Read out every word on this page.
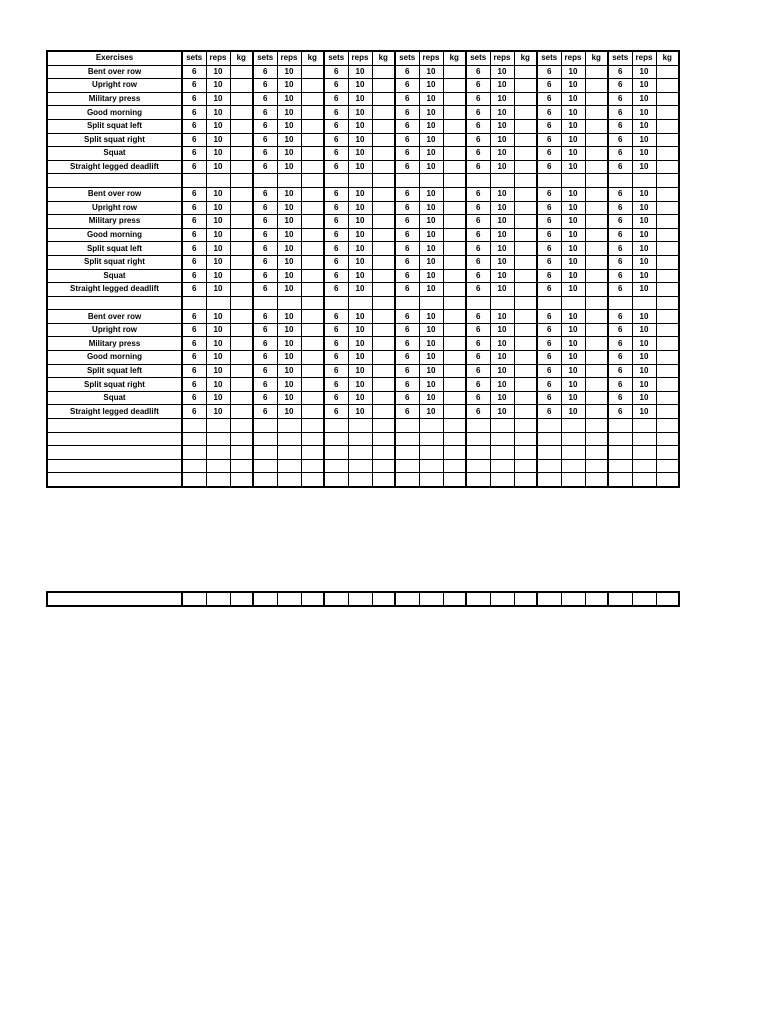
Exercises	sets	reps	kg	sets	reps	kg	sets	reps	kg	sets	reps	kg	sets	reps	kg	sets	reps	kg	sets	reps	kg
Bent over row	6	10		6	10		6	10		6	10		6	10		6	10		6	10	
Upright row	6	10		6	10		6	10		6	10		6	10		6	10		6	10	
Military press	6	10		6	10		6	10		6	10		6	10		6	10		6	10	
Good morning	6	10		6	10		6	10		6	10		6	10		6	10		6	10	
Split squat left	6	10		6	10		6	10		6	10		6	10		6	10		6	10	
Split squat right	6	10		6	10		6	10		6	10		6	10		6	10		6	10	
Squat	6	10		6	10		6	10		6	10		6	10		6	10		6	10	
Straight legged deadlift	6	10		6	10		6	10		6	10		6	10		6	10		6	10	

Bent over row	6	10		6	10		6	10		6	10		6	10		6	10		6	10	
Upright row	6	10		6	10		6	10		6	10		6	10		6	10		6	10	
Military press	6	10		6	10		6	10		6	10		6	10		6	10		6	10	
Good morning	6	10		6	10		6	10		6	10		6	10		6	10		6	10	
Split squat left	6	10		6	10		6	10		6	10		6	10		6	10		6	10	
Split squat right	6	10		6	10		6	10		6	10		6	10		6	10		6	10	
Squat	6	10		6	10		6	10		6	10		6	10		6	10		6	10	
Straight legged deadlift	6	10		6	10		6	10		6	10		6	10		6	10		6	10	

Bent over row	6	10		6	10		6	10		6	10		6	10		6	10		6	10	
Upright row	6	10		6	10		6	10		6	10		6	10		6	10		6	10	
Military press	6	10		6	10		6	10		6	10		6	10		6	10		6	10	
Good morning	6	10		6	10		6	10		6	10		6	10		6	10		6	10	
Split squat left	6	10		6	10		6	10		6	10		6	10		6	10		6	10	
Split squat right	6	10		6	10		6	10		6	10		6	10		6	10		6	10	
Squat	6	10		6	10		6	10		6	10		6	10		6	10		6	10	
Straight legged deadlift	6	10		6	10		6	10		6	10		6	10		6	10		6	10	
